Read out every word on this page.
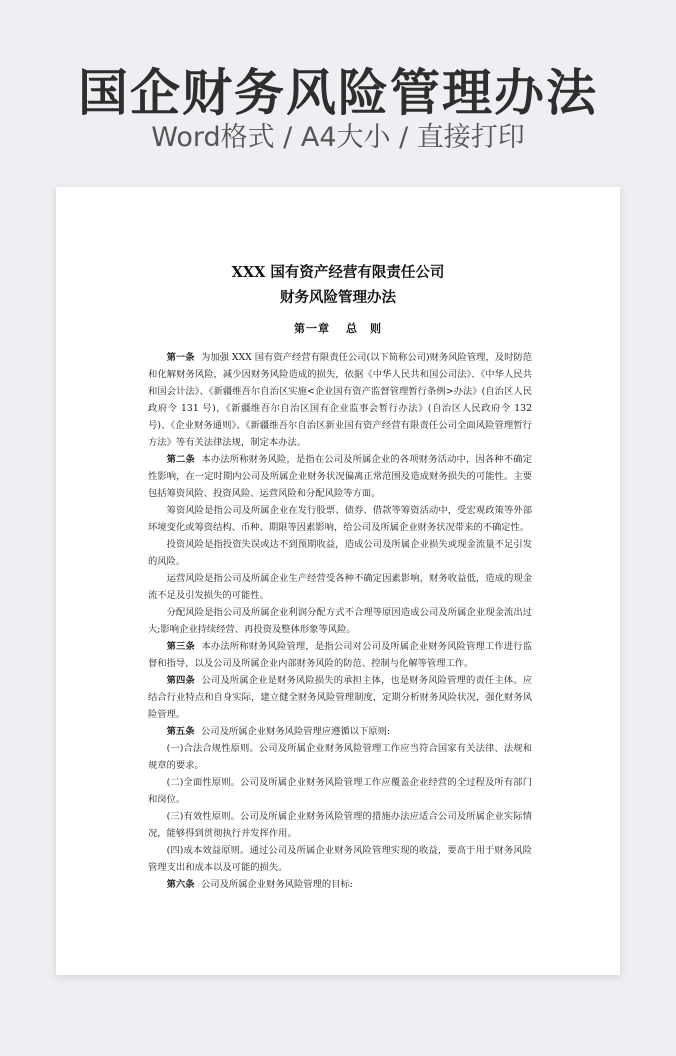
国企财务风险管理办法
Word格式 / A4大小 / 直接打印
XXX 国有资产经营有限责任公司
财务风险管理办法
第一章 总　则

第一条 为加强 XXX 国有资产经营有限责任公司(以下简称公司)财务风险管理，及时防范和化解财务风险，减少因财务风险造成的损失，依据《中华人民共和国公司法》、《中华人民共和国会计法》、《新疆维吾尔自治区实施<企业国有资产监督管理暂行条例>办法》(自治区人民政府令 131 号)，《新疆维吾尔自治区国有企业监事会暂行办法》(自治区人民政府令 132 号)、《企业财务通则》、《新疆维吾尔自治区新业国有资产经营有限责任公司全面风险管理暂行方法》等有关法律法规，制定本办法。

第二条 本办法所称财务风险，是指在公司及所属企业的各项财务活动中，因各种不确定性影响，在一定时期内公司及所属企业财务状况偏离正常范围及造成财务损失的可能性。主要包括筹资风险、投资风险、运营风险和分配风险等方面。

筹资风险是指公司及所属企业在发行股票、债券、借款等筹资活动中，受宏观政策等外部环境变化或筹资结构、币种、期限等因素影响，给公司及所属企业财务状况带来的不确定性。

投资风险是指投资失误或达不到预期收益，造成公司及所属企业损失或现金流量不足引发的风险。

运营风险是指公司及所属企业生产经营受各种不确定因素影响，财务收益低，造成的现金流不足及引发损失的可能性。

分配风险是指公司及所属企业利润分配方式不合理等原因造成公司及所属企业现金流出过大;影响企业持续经营、再投资及整体形象等风险。

第三条 本办法所称财务风险管理，是指公司对公司及所属企业财务风险管理工作进行监督和指导，以及公司及所属企业内部财务风险的防范、控制与化解等管理工作。

第四条 公司及所属企业是财务风险损失的承担主体，也是财务风险管理的责任主体。应结合行业特点和自身实际，建立健全财务风险管理制度，定期分析财务风险状况，强化财务风险管理。

第五条 公司及所属企业财务风险管理应遵循以下原则:

(一)合法合规性原则。公司及所属企业财务风险管理工作应当符合国家有关法律、法规和规章的要求。

(二)全面性原则。公司及所属企业财务风险管理工作应覆盖企业经营的全过程及所有部门和岗位。

(三)有效性原则。公司及所属企业财务风险管理的措施办法应适合公司及所属企业实际情况，能够得到贯彻执行并发挥作用。

(四)成本效益原则。通过公司及所属企业财务风险管理实现的收益，要高于用于财务风险管理支出和成本以及可能的损失。

第六条 公司及所属企业财务风险管理的目标:
